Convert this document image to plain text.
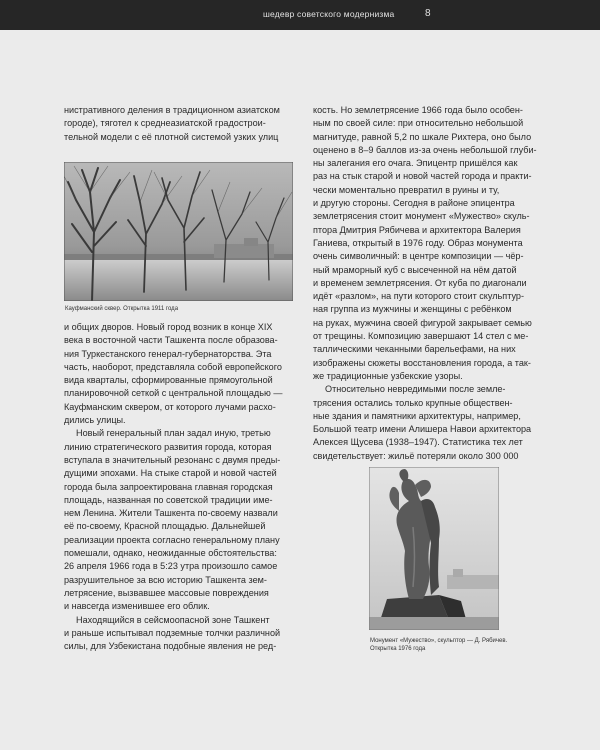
шедевр советского модернизма	8
нистративного деления в традиционном азиатском
городе), тяготел к среднеазиатской градострои-
тельной модели с её плотной системой узких улиц
Кауфманский сквер. Открытка 1911 года
и общих дворов. Новый город возник в конце XIX
века в восточной части Ташкента после образова-
ния Туркестанского генерал-губернаторства. Эта
часть, наоборот, представляла собой европейского
вида кварталы, сформированные прямоугольной
планировочной сеткой с центральной площадью —
Кауфманским сквером, от которого лучами расхо-
дились улицы.
Новый генеральный план задал иную, третью
линию стратегического развития города, которая
вступала в значительный резонанс с двумя преды-
дущими эпохами. На стыке старой и новой частей
города была запроектирована главная городская
площадь, названная по советской традиции име-
нем Ленина. Жители Ташкента по-своему назвали
её по-своему, Красной площадью. Дальнейшей
реализации проекта согласно генеральному плану
помешали, однако, неожиданные обстоятельства:
26 апреля 1966 года в 5:23 утра произошло самое
разрушительное за всю историю Ташкента зем-
летрясение, вызвавшее массовые повреждения
и навсегда изменившее его облик.
Находящийся в сейсмоопасной зоне Ташкент
и раньше испытывал подземные толчки различной
силы, для Узбекистана подобные явления не ред-
кость. Но землетрясение 1966 года было особен-
ным по своей силе: при относительно небольшой
магнитуде, равной 5,2 по шкале Рихтера, оно было
оценено в 8–9 баллов из-за очень небольшой глуби-
ны залегания его очага. Эпицентр пришёлся как
раз на стык старой и новой частей города и практи-
чески моментально превратил в руины и ту,
и другую стороны. Сегодня в районе эпицентра
землетрясения стоит монумент «Мужество» скуль-
птора Дмитрия Рябичева и архитектора Валерия
Ганиева, открытый в 1976 году. Образ монумента
очень символичный: в центре композиции — чёр-
ный мраморный куб с высеченной на нём датой
и временем землетрясения. От куба по диагонали
идёт «разлом», на пути которого стоит скульптур-
ная группа из мужчины и женщины с ребёнком
на руках, мужчина своей фигурой закрывает семью
от трещины. Композицию завершают 14 стел с ме-
таллическими чеканными барельефами, на них
изображены сюжеты восстановления города, а так-
же традиционные узбекские узоры.
Относительно невредимыми после земле-
трясения остались только крупные обществен-
ные здания и памятники архитектуры, например,
Большой театр имени Алишера Навои архитектора
Алексея Щусева (1938–1947). Статистика тех лет
свидетельствует: жильё потеряли около 300 000
Монумент «Мужество», скульптор — Д. Рябичев.
Открытка 1976 года
